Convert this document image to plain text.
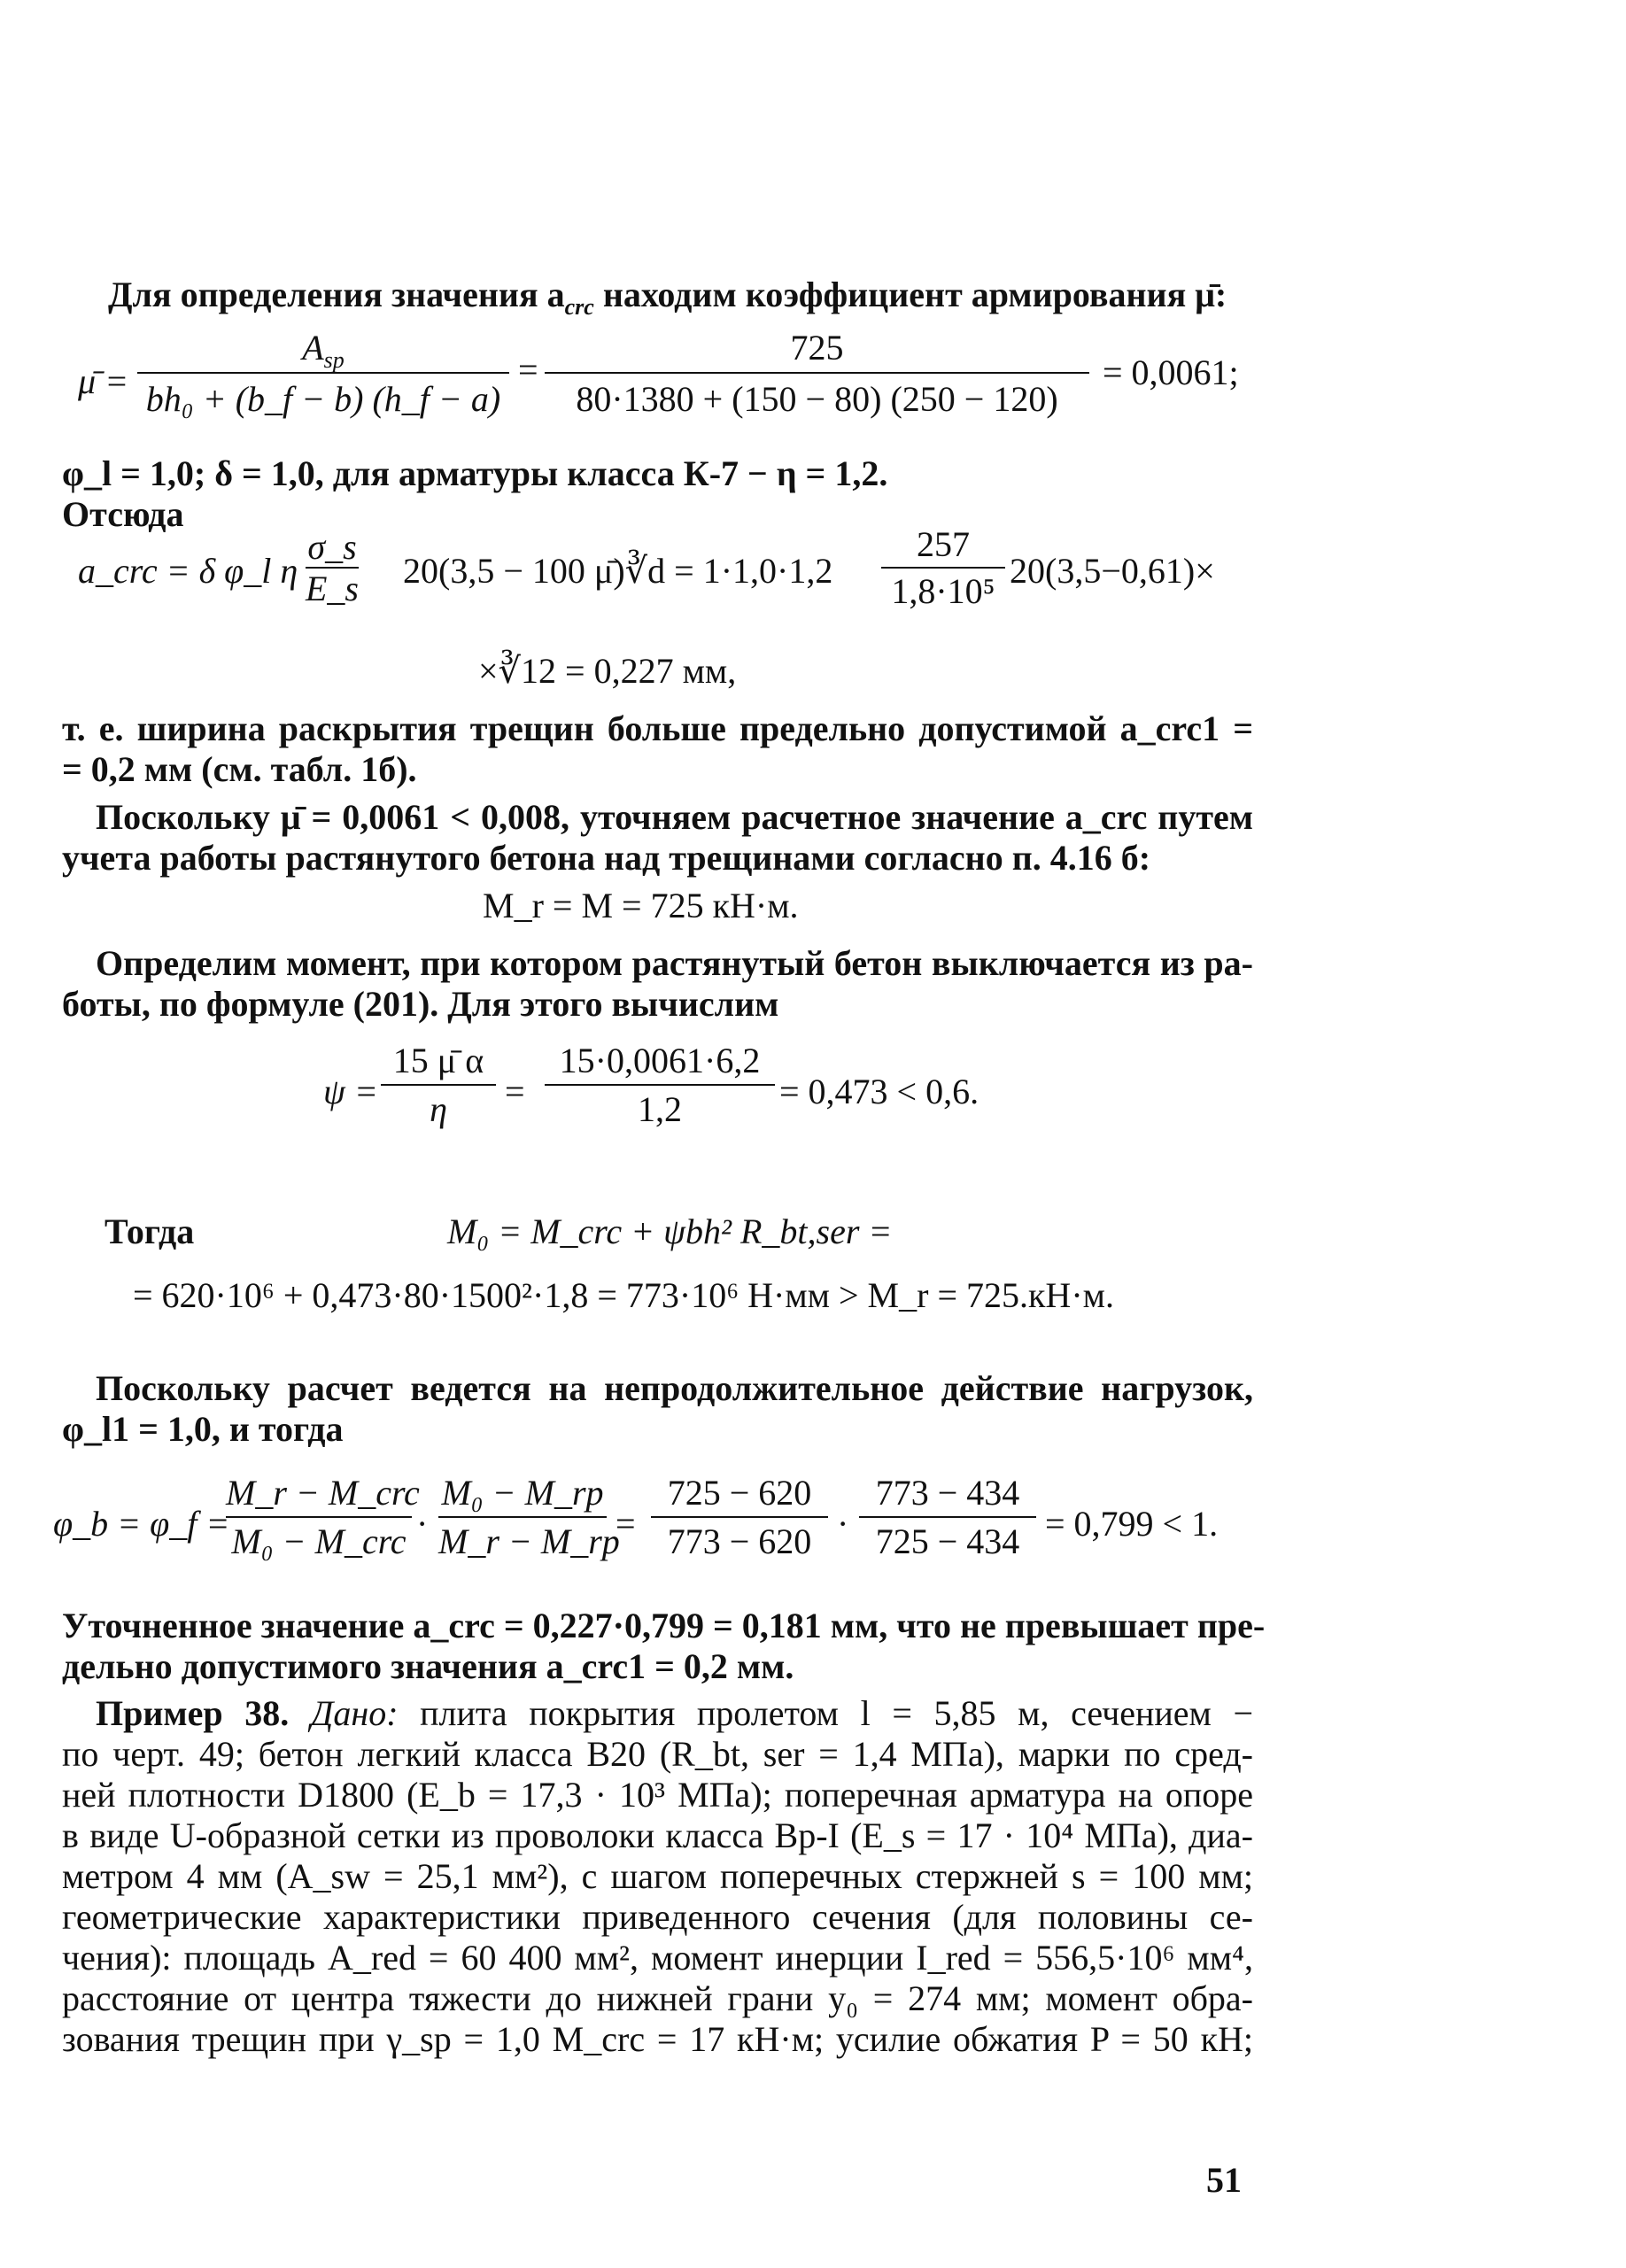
Для определения значения $a_{crc}$ находим коэффициент армирования μ̄:
μ̄ =
$A_{sp}$
bh₀ + (b_f − b) (h_f − a)
=
725
80·1380 + (150 − 80) (250 − 120)
= 0,0061;
φ_l = 1,0; δ = 1,0, для арматуры класса К-7 − η = 1,2.
Отсюда
a_crc = δ φ_l η
σ_s
E_s 20(3,5 − 100 μ̄)∛d = 1·1,0·1,2
257
1,8·10⁵
20(3,5−0,61)×
×∛12 = 0,227 мм,
т. е. ширина раскрытия трещин больше предельно допустимой a_crc1 =
= 0,2 мм (см. табл. 1б).
Поскольку μ̄ = 0,0061 < 0,008, уточняем расчетное значение a_crc путем
учета работы растянутого бетона над трещинами согласно п. 4.16 б:
M_r = M = 725 кН·м.
Определим момент, при котором растянутый бетон выключается из ра-
боты, по формуле (201). Для этого вычислим
ψ =
15 μ̄ α
η	=
15·0,0061·6,2
1,2	= 0,473 < 0,6.
Тогда	M₀ = M_crc + ψbh² R_bt,ser =
= 620·10⁶ + 0,473·80·1500²·1,8 = 773·10⁶ Н·мм > M_r = 725.кН·м.
Поскольку расчет ведется на непродолжительное действие нагрузок,
φ_l1 = 1,0, и тогда
φ_b = φ_f =
M_r − M_crc
M₀ − M_crc ·
M₀ − M_rp
M_r − M_rp
=
725 − 620
773 − 620 ·
773 − 434
725 − 434 = 0,799 < 1.
Уточненное значение a_crc = 0,227·0,799 = 0,181 мм, что не превышает пре-
дельно допустимого значения a_crc1 = 0,2 мм.
Пример 38. Дано: плита покрытия пролетом l = 5,85 м, сечением −
по черт. 49; бетон легкий класса B20 (R_bt, ser = 1,4 МПа), марки по сред-
ней плотности D1800 (E_b = 17,3 · 10³ МПа); поперечная арматура на опоре
в виде U-образной сетки из проволоки класса Вр-I (E_s = 17 · 10⁴ МПа), диа-
метром 4 мм (A_sw = 25,1 мм²), с шагом поперечных стержней s = 100 мм;
геометрические характеристики приведенного сечения (для половины се-
чения): площадь A_red = 60 400 мм², момент инерции I_red = 556,5·10⁶ мм⁴,
расстояние от центра тяжести до нижней грани y₀ = 274 мм; момент обра-
зования трещин при γ_sp = 1,0 M_crc = 17 кН·м; усилие обжатия P = 50 кН;
51
